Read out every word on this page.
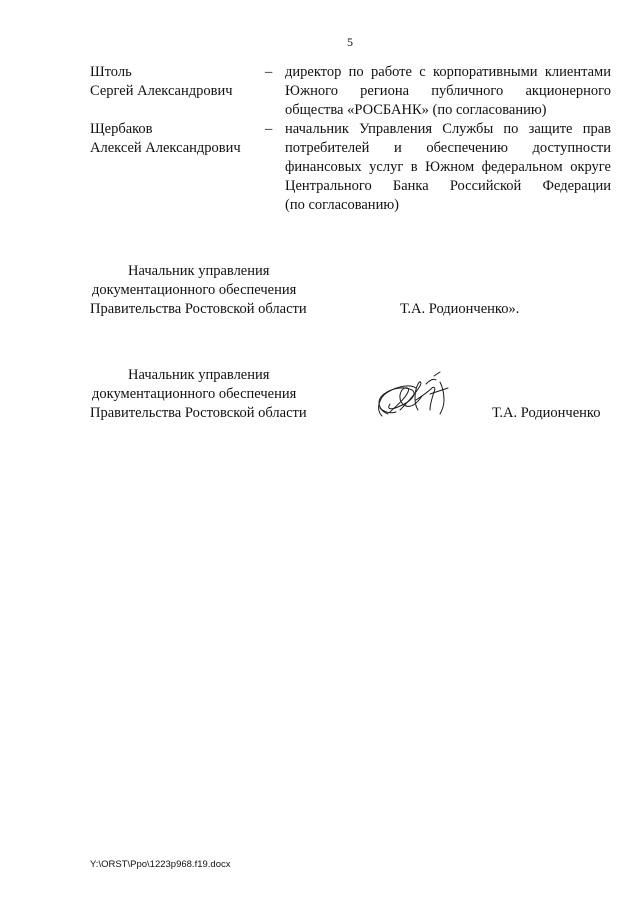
5
Штоль
Сергей Александрович
– директор по работе с корпоративными клиентами
Южного региона публичного акционерного
общества «РОСБАНК» (по согласованию)
Щербаков
Алексей Александрович
– начальник Управления Службы по защите прав
потребителей и обеспечению доступности
финансовых услуг в Южном федеральном округе
Центрального Банка Российской Федерации
(по согласованию)
Начальник управления
документационного обеспечения
Правительства Ростовской области	Т.А. Родионченко».
Начальник управления
документационного обеспечения
Правительства Ростовской области	Т.А. Родионченко
Y:\ORST\Ppo\1223p968.f19.docx
